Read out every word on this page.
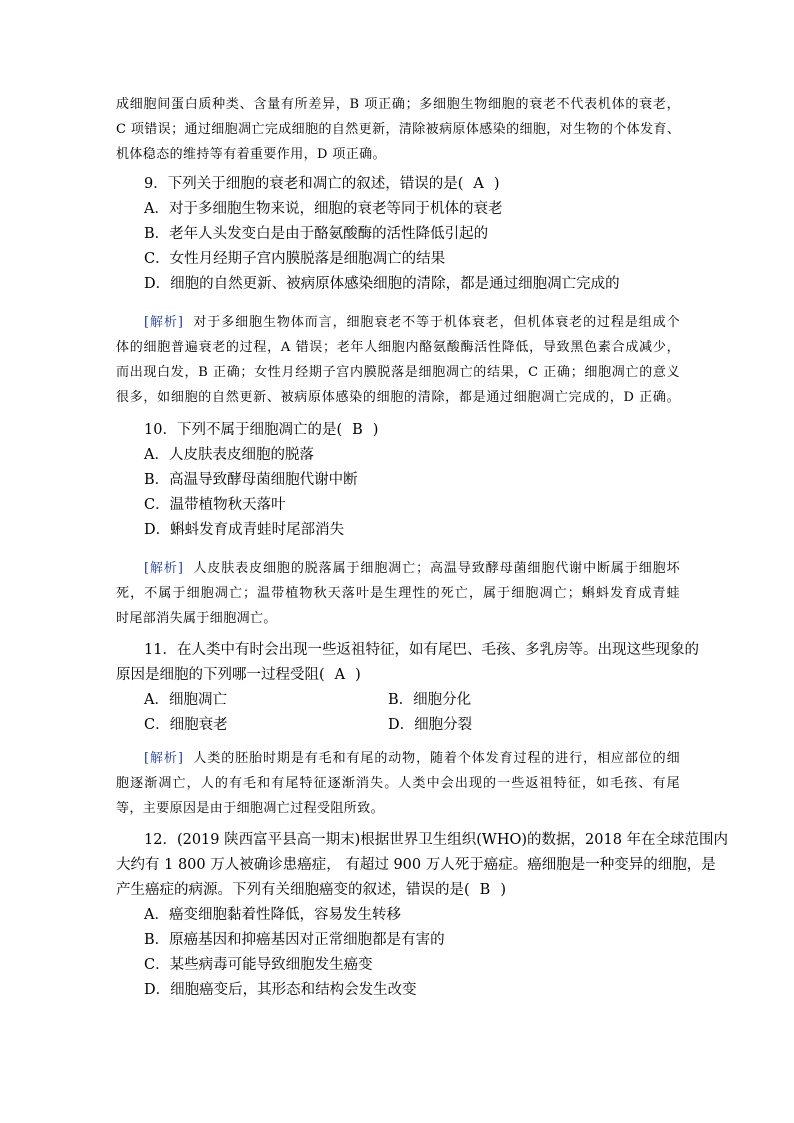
成细胞间蛋白质种类、含量有所差异，B 项正确；多细胞生物细胞的衰老不代表机体的衰老，
C 项错误；通过细胞凋亡完成细胞的自然更新，清除被病原体感染的细胞，对生物的个体发育、
机体稳态的维持等有着重要作用，D 项正确。
9．下列关于细胞的衰老和凋亡的叙述，错误的是( A )
A．对于多细胞生物来说，细胞的衰老等同于机体的衰老
B．老年人头发变白是由于酪氨酸酶的活性降低引起的
C．女性月经期子宫内膜脱落是细胞凋亡的结果
D．细胞的自然更新、被病原体感染细胞的清除，都是通过细胞凋亡完成的
[解析] 对于多细胞生物体而言，细胞衰老不等于机体衰老，但机体衰老的过程是组成个
体的细胞普遍衰老的过程，A 错误；老年人细胞内酪氨酸酶活性降低，导致黑色素合成减少，
而出现白发，B 正确；女性月经期子宫内膜脱落是细胞凋亡的结果，C 正确；细胞凋亡的意义
很多，如细胞的自然更新、被病原体感染的细胞的清除，都是通过细胞凋亡完成的，D 正确。
10．下列不属于细胞凋亡的是( B )
A．人皮肤表皮细胞的脱落
B．高温导致酵母菌细胞代谢中断
C．温带植物秋天落叶
D．蝌蚪发育成青蛙时尾部消失
[解析] 人皮肤表皮细胞的脱落属于细胞凋亡；高温导致酵母菌细胞代谢中断属于细胞坏
死，不属于细胞凋亡；温带植物秋天落叶是生理性的死亡，属于细胞凋亡；蝌蚪发育成青蛙
时尾部消失属于细胞凋亡。
11．在人类中有时会出现一些返祖特征，如有尾巴、毛孩、多乳房等。出现这些现象的
原因是细胞的下列哪一过程受阻( A )
A．细胞凋亡	B．细胞分化
C．细胞衰老	D．细胞分裂
[解析] 人类的胚胎时期是有毛和有尾的动物，随着个体发育过程的进行，相应部位的细
胞逐渐凋亡，人的有毛和有尾特征逐渐消失。人类中会出现的一些返祖特征，如毛孩、有尾
等，主要原因是由于细胞凋亡过程受阻所致。
12．(2019 陕西富平县高一期末)根据世界卫生组织(WHO)的数据，2018 年在全球范围内
大约有 1 800 万人被确诊患癌症， 有超过 900 万人死于癌症。癌细胞是一种变异的细胞，是
产生癌症的病源。下列有关细胞癌变的叙述，错误的是( B )
A．癌变细胞黏着性降低，容易发生转移
B．原癌基因和抑癌基因对正常细胞都是有害的
C．某些病毒可能导致细胞发生癌变
D．细胞癌变后，其形态和结构会发生改变
